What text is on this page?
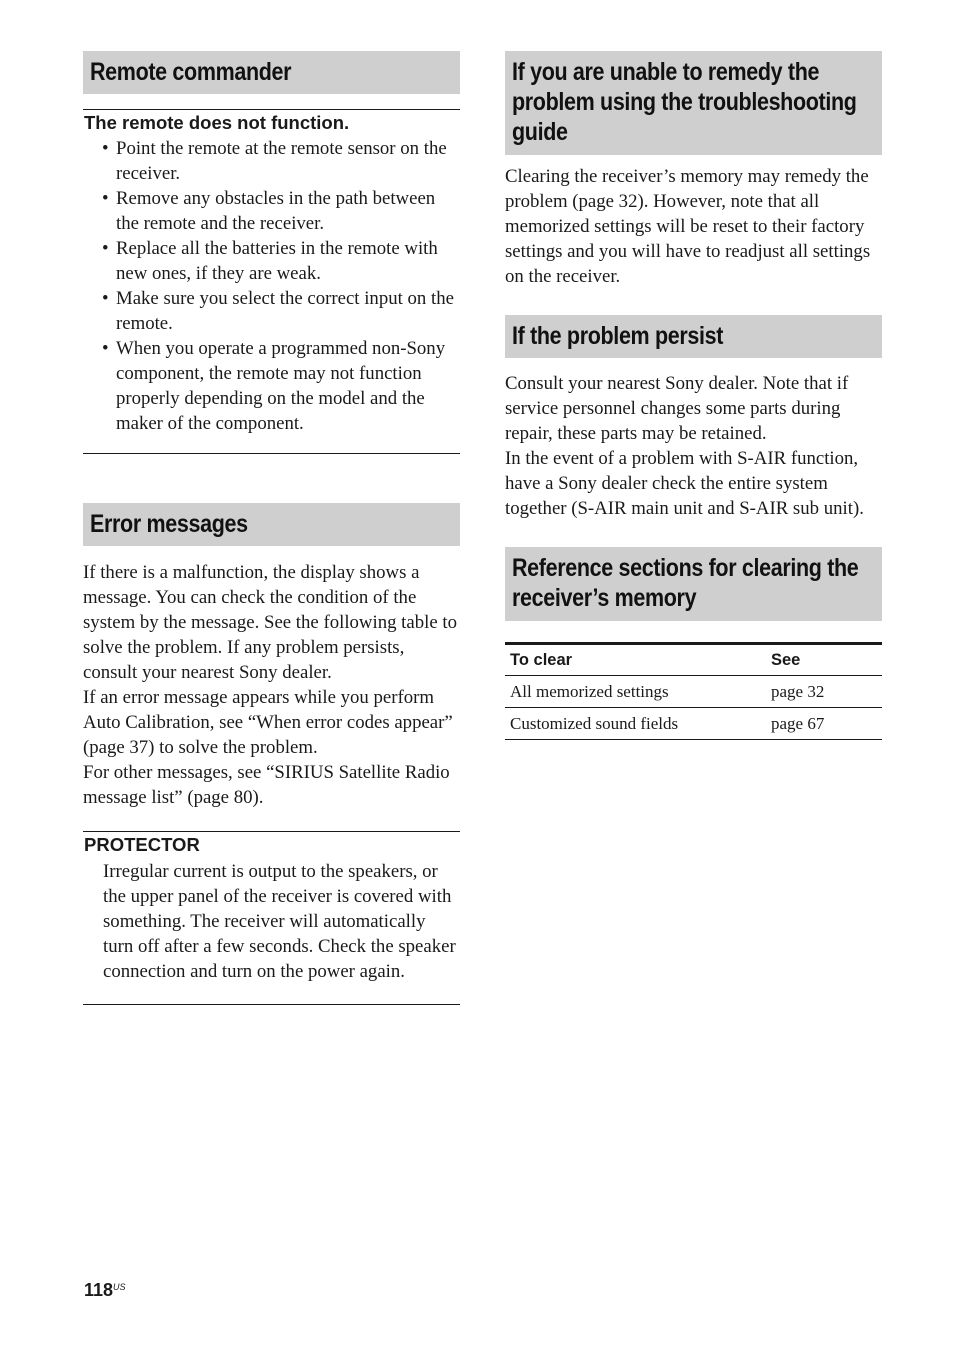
Remote commander
The remote does not function.
• Point the remote at the remote sensor on the receiver.
• Remove any obstacles in the path between the remote and the receiver.
• Replace all the batteries in the remote with new ones, if they are weak.
• Make sure you select the correct input on the remote.
• When you operate a programmed non-Sony component, the remote may not function properly depending on the model and the maker of the component.
Error messages
If there is a malfunction, the display shows a message. You can check the condition of the system by the message. See the following table to solve the problem. If any problem persists, consult your nearest Sony dealer.
If an error message appears while you perform Auto Calibration, see “When error codes appear” (page 37) to solve the problem.
For other messages, see “SIRIUS Satellite Radio message list” (page 80).
PROTECTOR
Irregular current is output to the speakers, or the upper panel of the receiver is covered with something. The receiver will automatically turn off after a few seconds. Check the speaker connection and turn on the power again.
If you are unable to remedy the problem using the troubleshooting guide
Clearing the receiver’s memory may remedy the problem (page 32). However, note that all memorized settings will be reset to their factory settings and you will have to readjust all settings on the receiver.
If the problem persist
Consult your nearest Sony dealer. Note that if service personnel changes some parts during repair, these parts may be retained.
In the event of a problem with S-AIR function, have a Sony dealer check the entire system together (S-AIR main unit and S-AIR sub unit).
Reference sections for clearing the receiver’s memory
To clear	See
All memorized settings	page 32
Customized sound fields	page 67
$118^{US}$
